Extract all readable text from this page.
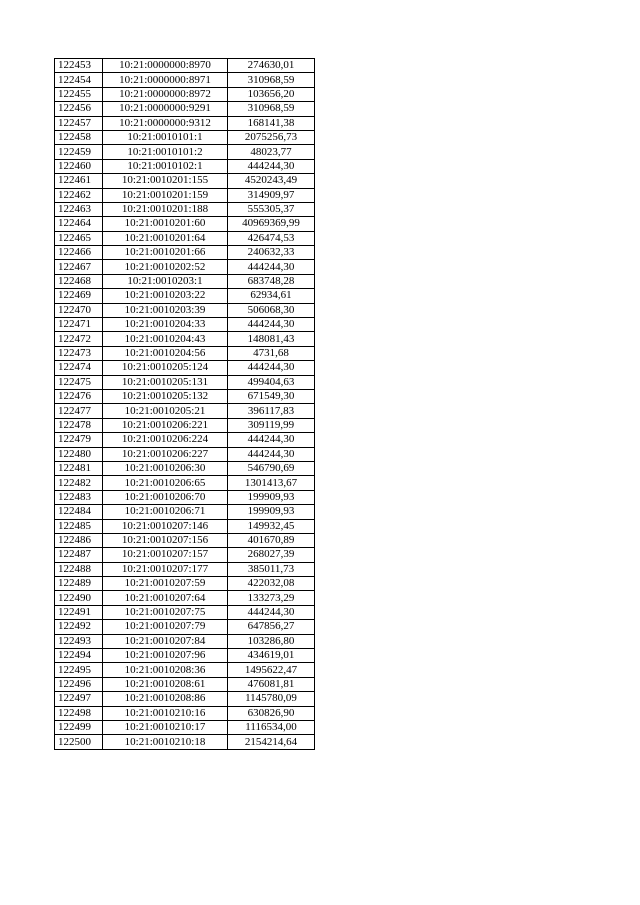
122453	10:21:0000000:8970	274630,01
122454	10:21:0000000:8971	310968,59
122455	10:21:0000000:8972	103656,20
122456	10:21:0000000:9291	310968,59
122457	10:21:0000000:9312	168141,38
122458	10:21:0010101:1	2075256,73
122459	10:21:0010101:2	48023,77
122460	10:21:0010102:1	444244,30
122461	10:21:0010201:155	4520243,49
122462	10:21:0010201:159	314909,97
122463	10:21:0010201:188	555305,37
122464	10:21:0010201:60	40969369,99
122465	10:21:0010201:64	426474,53
122466	10:21:0010201:66	240632,33
122467	10:21:0010202:52	444244,30
122468	10:21:0010203:1	683748,28
122469	10:21:0010203:22	62934,61
122470	10:21:0010203:39	506068,30
122471	10:21:0010204:33	444244,30
122472	10:21:0010204:43	148081,43
122473	10:21:0010204:56	4731,68
122474	10:21:0010205:124	444244,30
122475	10:21:0010205:131	499404,63
122476	10:21:0010205:132	671549,30
122477	10:21:0010205:21	396117,83
122478	10:21:0010206:221	309119,99
122479	10:21:0010206:224	444244,30
122480	10:21:0010206:227	444244,30
122481	10:21:0010206:30	546790,69
122482	10:21:0010206:65	1301413,67
122483	10:21:0010206:70	199909,93
122484	10:21:0010206:71	199909,93
122485	10:21:0010207:146	149932,45
122486	10:21:0010207:156	401670,89
122487	10:21:0010207:157	268027,39
122488	10:21:0010207:177	385011,73
122489	10:21:0010207:59	422032,08
122490	10:21:0010207:64	133273,29
122491	10:21:0010207:75	444244,30
122492	10:21:0010207:79	647856,27
122493	10:21:0010207:84	103286,80
122494	10:21:0010207:96	434619,01
122495	10:21:0010208:36	1495622,47
122496	10:21:0010208:61	476081,81
122497	10:21:0010208:86	1145780,09
122498	10:21:0010210:16	630826,90
122499	10:21:0010210:17	1116534,00
122500	10:21:0010210:18	2154214,64
